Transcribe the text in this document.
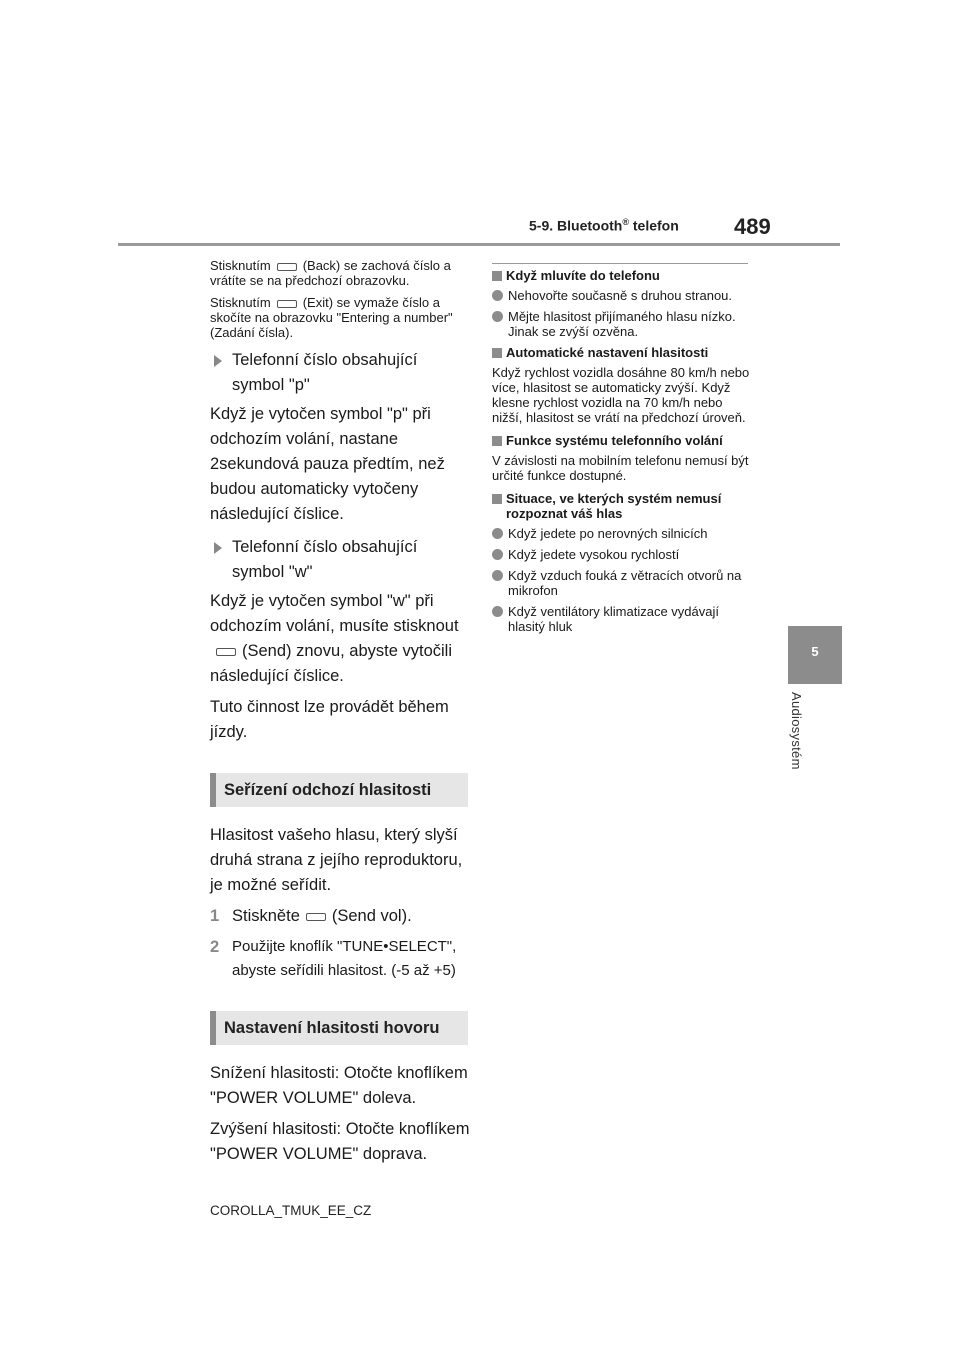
5-9. Bluetooth® telefon	489
5
Audiosystém

Stisknutím (Back) se zachová číslo a vrátíte se na předchozí obrazovku.

Stisknutím (Exit) se vymaže číslo a skočíte na obrazovku "Entering a number" (Zadání čísla).

Telefonní číslo obsahující symbol "p"

Když je vytočen symbol "p" při odchozím volání, nastane 2sekundová pauza předtím, než budou automaticky vytočeny následující číslice.

Telefonní číslo obsahující symbol "w"

Když je vytočen symbol "w" při odchozím volání, musíte stisknout(Send) znovu, abyste vytočili následující číslice.

Tuto činnost lze provádět během jízdy.

Seřízení odchozí hlasitosti

Hlasitost vašeho hlasu, který slyší druhá strana z jejího reproduktoru, je možné seřídit.

1 Stiskněte (Send vol).
2 Použijte knoflík "TUNE•SELECT", abyste seřídili hlasitost. (-5 až +5)
Nastavení hlasitosti hovoru

Snížení hlasitosti: Otočte knoflíkem "POWER VOLUME" doleva.

Zvýšení hlasitosti: Otočte knoflíkem "POWER VOLUME" doprava.

Když mluvíte do telefonu
Nehovořte současně s druhou stranou.
Mějte hlasitost přijímaného hlasu nízko. Jinak se zvýší ozvěna.
Automatické nastavení hlasitosti

Když rychlost vozidla dosáhne 80 km/h nebo více, hlasitost se automaticky zvýší. Když klesne rychlost vozidla na 70 km/h nebo nižší, hlasitost se vrátí na předchozí úroveň.

Funkce systému telefonního volání

V závislosti na mobilním telefonu nemusí být určité funkce dostupné.

Situace, ve kterých systém nemusí rozpoznat váš hlas
Když jedete po nerovných silnicích
Když jedete vysokou rychlostí
Když vzduch fouká z větracích otvorů na mikrofon
Když ventilátory klimatizace vydávají hlasitý hluk
COROLLA_TMUK_EE_CZ
